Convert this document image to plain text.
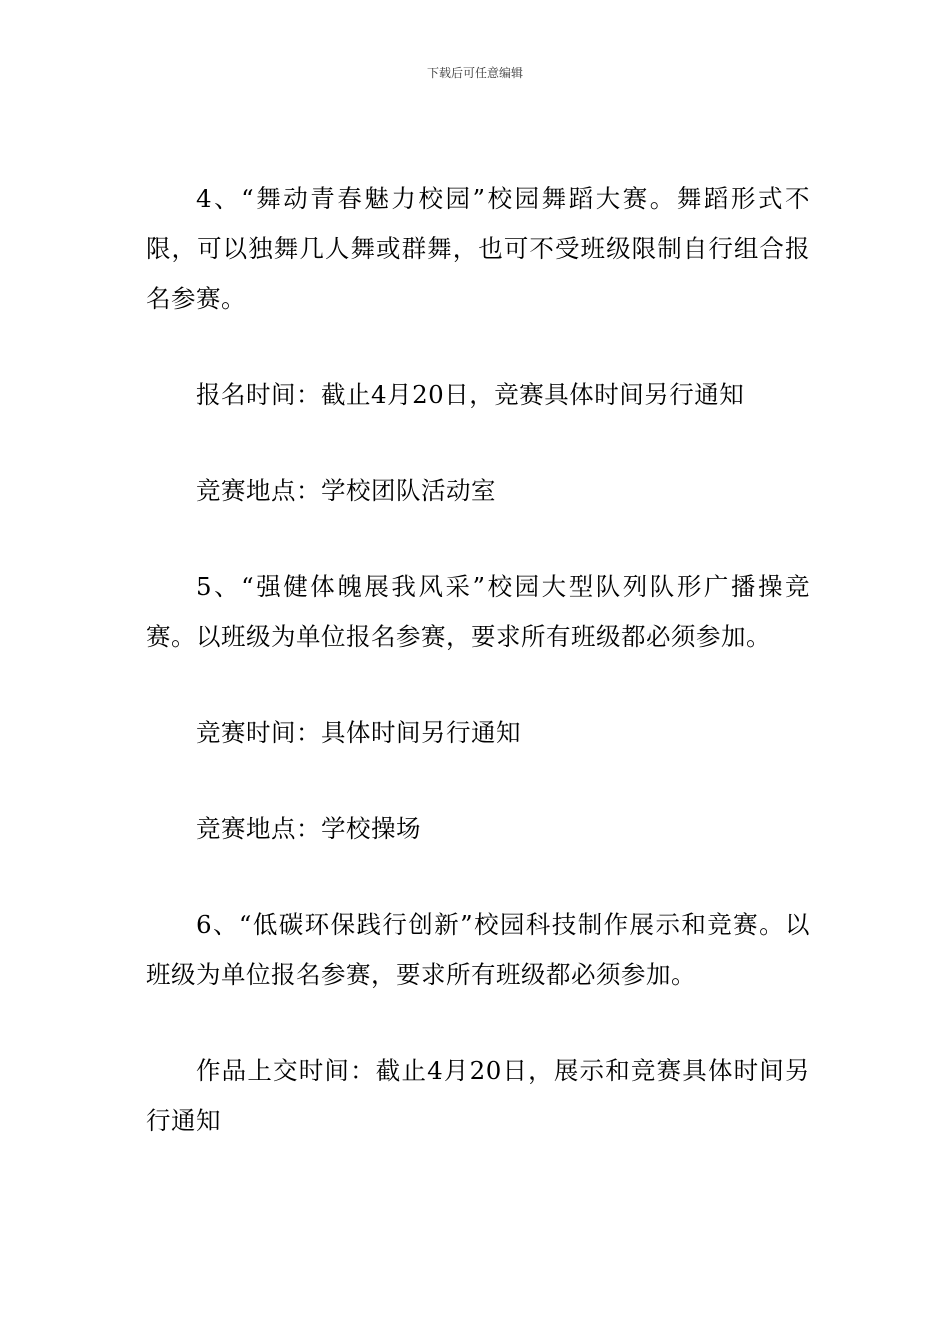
下载后可任意编辑

4、“舞动青春魅力校园”校园舞蹈大赛。舞蹈形式不限，可以独舞几人舞或群舞，也可不受班级限制自行组合报名参赛。

报名时间：截止4月20日，竞赛具体时间另行通知

竞赛地点：学校团队活动室

5、“强健体魄展我风采”校园大型队列队形广播操竞赛。以班级为单位报名参赛，要求所有班级都必须参加。

竞赛时间：具体时间另行通知

竞赛地点：学校操场

6、“低碳环保践行创新”校园科技制作展示和竞赛。以班级为单位报名参赛，要求所有班级都必须参加。

作品上交时间：截止4月20日，展示和竞赛具体时间另行通知
